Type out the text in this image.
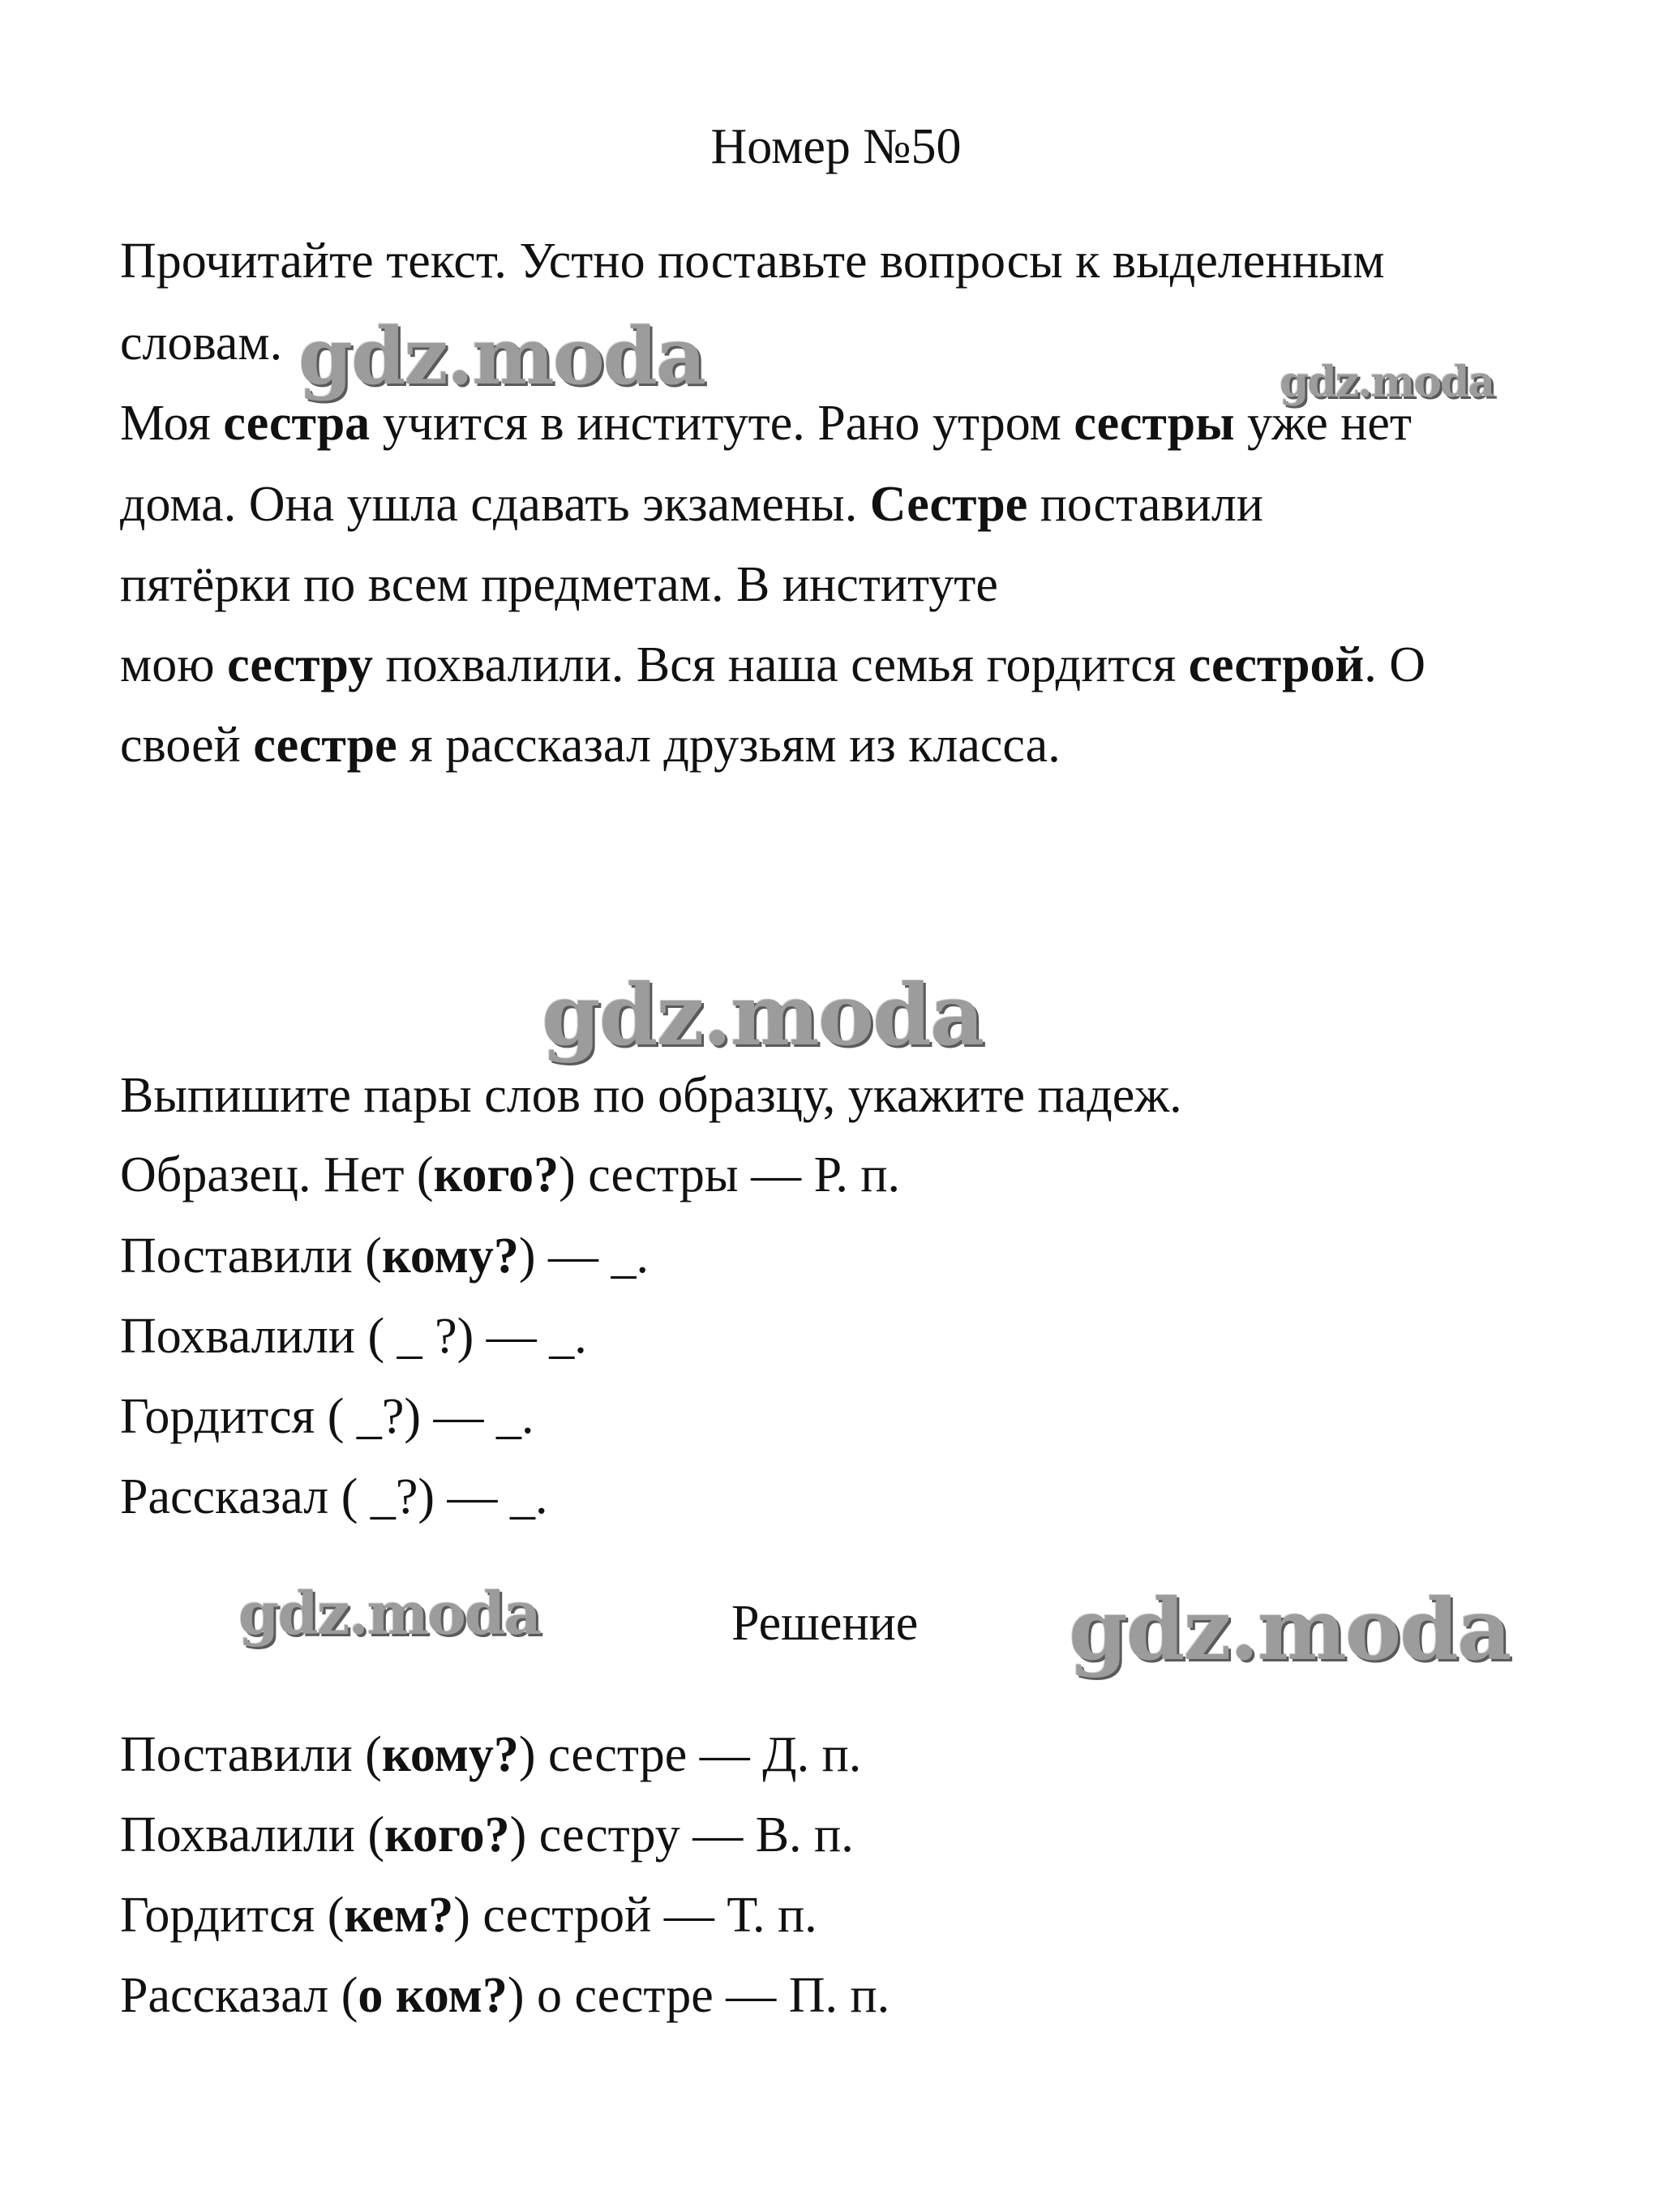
Номер №50
Прочитайте текст. Устно поставьте вопросы к выделенным
словам.
Моя сестра учится в институте. Рано утром сестры уже нет
дома. Она ушла сдавать экзамены. Сестре поставили
пятёрки по всем предметам. В институте
мою сестру похвалили. Вся наша семья гордится сестрой. О
своей сестре я рассказал друзьям из класса.
Выпишите пары слов по образцу, укажите падеж.
Образец. Нет (кого?) сестры — Р. п.
Поставили (кому?) — _.
Похвалили ( _ ?) — _.
Гордится ( _?) — _.
Рассказал ( _?) — _.
Решение
Поставили (кому?) сестре — Д. п.
Похвалили (кого?) сестру — В. п.
Гордится (кем?) сестрой — Т. п.
Рассказал (о ком?) о сестре — П. п.
gdz.moda	gdz.moda
gdz.moda
gdz.moda	gdz.moda
